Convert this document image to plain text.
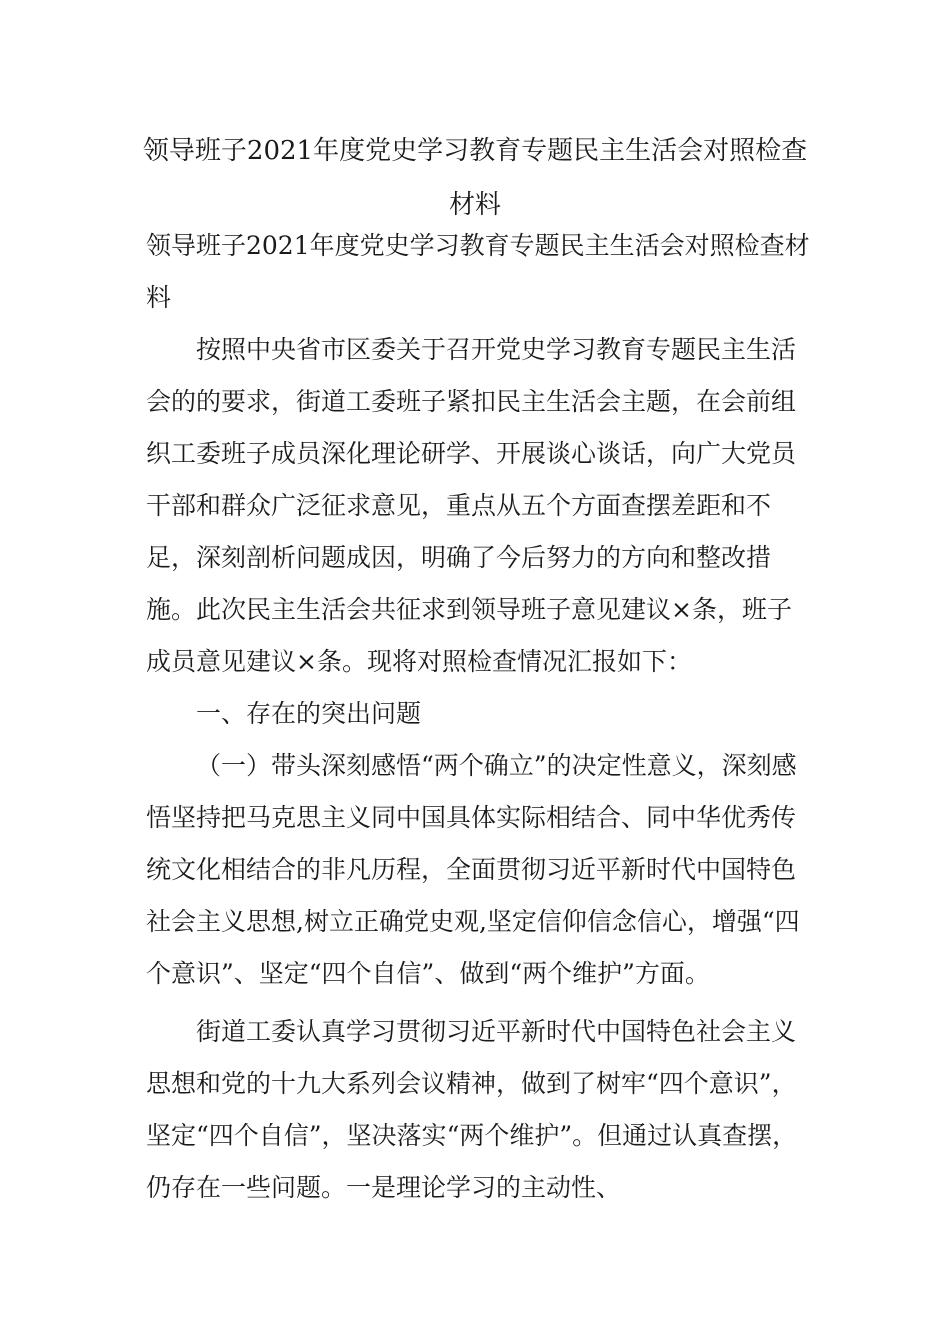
领导班子2021年度党史学习教育专题民主生活会对照检查材料

领导班子2021年度党史学习教育专题民主生活会对照检查材料

按照中央省市区委关于召开党史学习教育专题民主生活会的的要求，街道工委班子紧扣民主生活会主题，在会前组织工委班子成员深化理论研学、开展谈心谈话，向广大党员干部和群众广泛征求意见，重点从五个方面查摆差距和不足，深刻剖析问题成因，明确了今后努力的方向和整改措施。此次民主生活会共征求到领导班子意见建议×条，班子成员意见建议×条。现将对照检查情况汇报如下：

一、存在的突出问题

（一）带头深刻感悟“两个确立”的决定性意义，深刻感悟坚持把马克思主义同中国具体实际相结合、同中华优秀传统文化相结合的非凡历程，全面贯彻习近平新时代中国特色社会主义思想,树立正确党史观,坚定信仰信念信心，增强“四个意识”、坚定“四个自信”、做到“两个维护”方面。

街道工委认真学习贯彻习近平新时代中国特色社会主义思想和党的十九大系列会议精神，做到了树牢“四个意识”，坚定“四个自信”，坚决落实“两个维护”。但通过认真查摆，仍存在一些问题。一是理论学习的主动性、
